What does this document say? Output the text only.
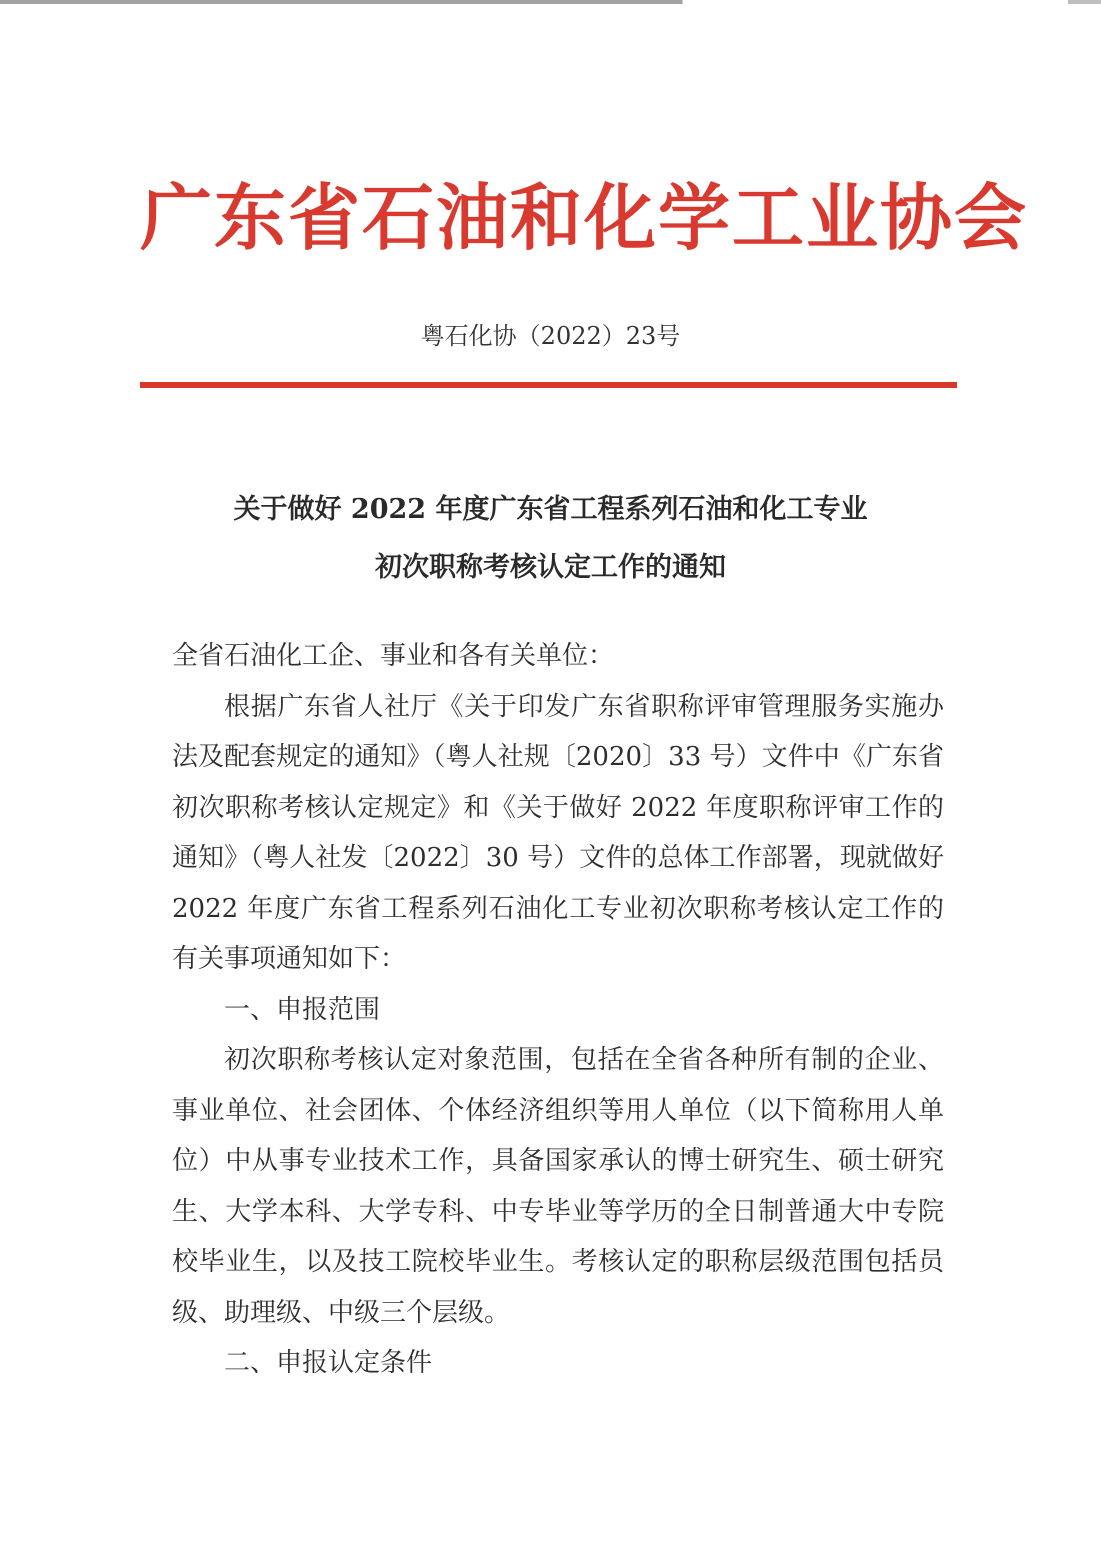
广东省石油和化学工业协会
粤石化协（2022）23号
关于做好 2022 年度广东省工程系列石油和化工专业
初次职称考核认定工作的通知

全省石油化工企、事业和各有关单位：

根据广东省人社厅《关于印发广东省职称评审管理服务实施办法及配套规定的通知》（粤人社规〔2020〕33 号）文件中《广东省初次职称考核认定规定》和《关于做好 2022 年度职称评审工作的通知》（粤人社发〔2022〕30 号）文件的总体工作部署，现就做好 2022 年度广东省工程系列石油化工专业初次职称考核认定工作的有关事项通知如下：

一、申报范围

初次职称考核认定对象范围，包括在全省各种所有制的企业、事业单位、社会团体、个体经济组织等用人单位（以下简称用人单位）中从事专业技术工作，具备国家承认的博士研究生、硕士研究生、大学本科、大学专科、中专毕业等学历的全日制普通大中专院校毕业生，以及技工院校毕业生。考核认定的职称层级范围包括员级、助理级、中级三个层级。

二、申报认定条件
